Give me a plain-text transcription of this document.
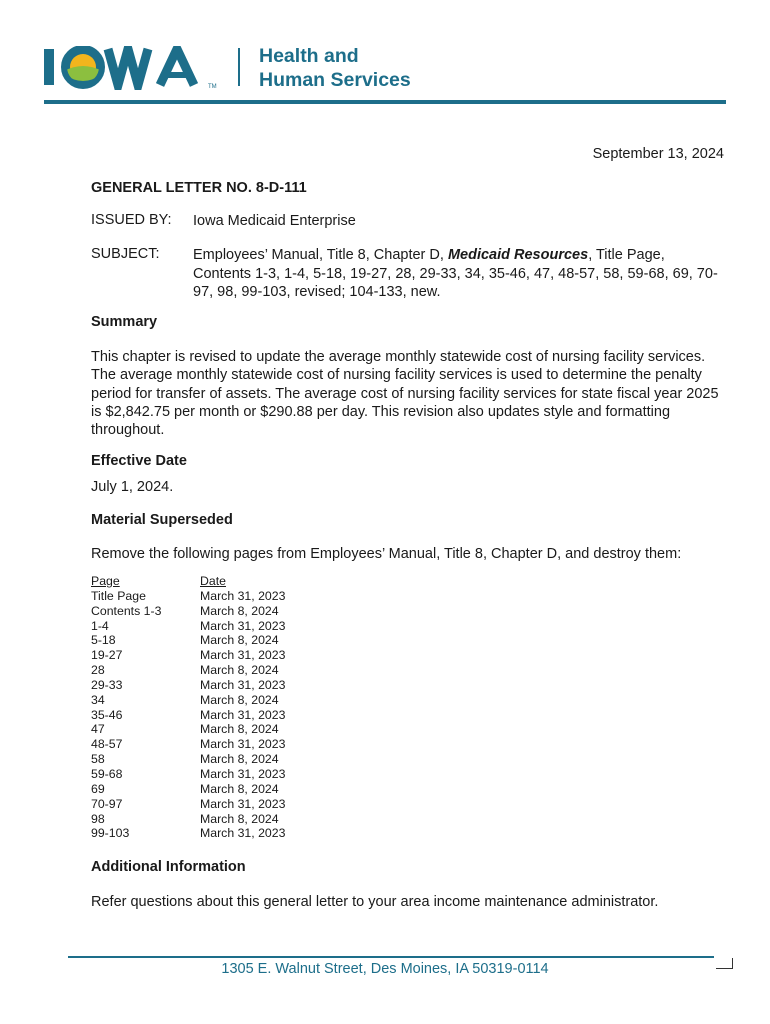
TM
Health and
Human Services
September 13, 2024
GENERAL LETTER NO. 8-D-111
ISSUED BY: Iowa Medicaid Enterprise
SUBJECT: Employees’ Manual, Title 8, Chapter D, Medicaid Resources, Title Page, Contents 1-3, 1-4, 5-18, 19-27, 28, 29-33, 34, 35-46, 47, 48-57, 58, 59-68, 69, 70-97, 98, 99-103, revised; 104-133, new.
Summary
This chapter is revised to update the average monthly statewide cost of nursing facility services. The average monthly statewide cost of nursing facility services is used to determine the penalty period for transfer of assets. The average cost of nursing facility services for state fiscal year 2025 is $2,842.75 per month or $290.88 per day. This revision also updates style and formatting throughout.
Effective Date
July 1, 2024.
Material Superseded
Remove the following pages from Employees’ Manual, Title 8, Chapter D, and destroy them:
Page	Date
Title Page	March 31, 2023
Contents 1-3	March 8, 2024
1-4	March 31, 2023
5-18	March 8, 2024
19-27	March 31, 2023
28	March 8, 2024
29-33	March 31, 2023
34	March 8, 2024
35-46	March 31, 2023
47	March 8, 2024
48-57	March 31, 2023
58	March 8, 2024
59-68	March 31, 2023
69	March 8, 2024
70-97	March 31, 2023
98	March 8, 2024
99-103	March 31, 2023
Additional Information
Refer questions about this general letter to your area income maintenance administrator.
1305 E. Walnut Street, Des Moines, IA 50319-0114
